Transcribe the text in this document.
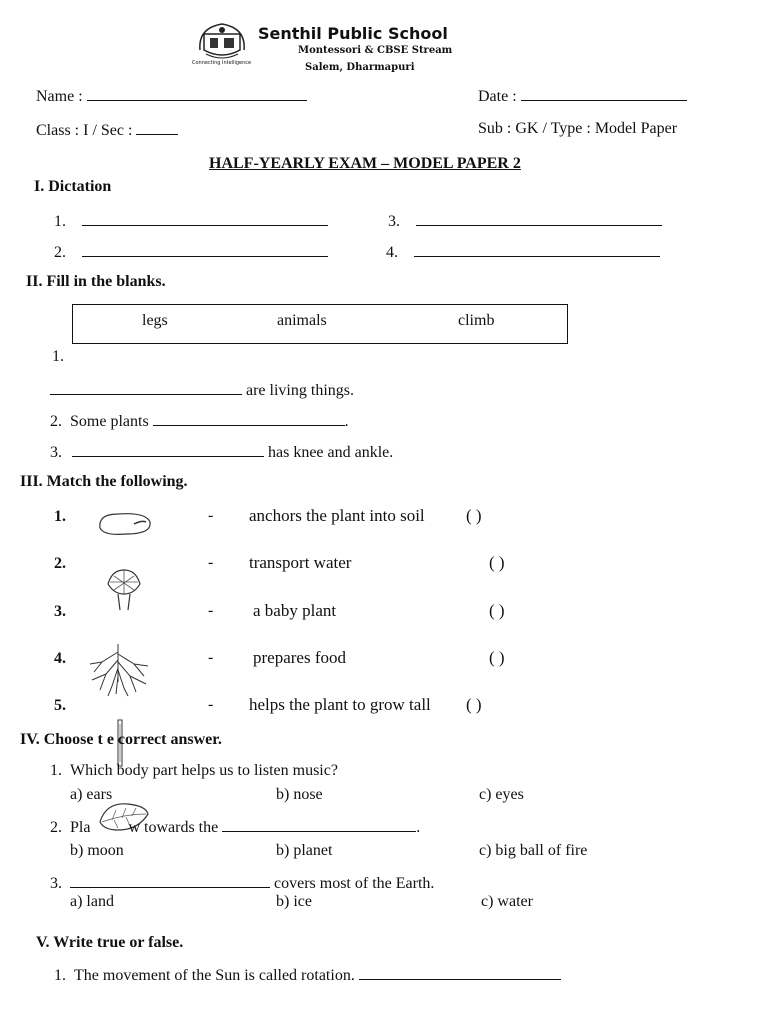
Connecting Intelligence
Senthil Public School
Montessori & CBSE Stream
Salem, Dharmapuri
Name :	Date :
Class : I / Sec :	Sub : GK / Type : Model Paper
HALF-YEARLY EXAM – MODEL PAPER 2
I. Dictation
1.
2.
3.
4.
II. Fill in the blanks.
legs	animals	climb
1.
are living things.
2. Some plants	.
3.	has knee and ankle.
III. Match the following.
1.	- anchors the plant into soil ( )
2.	- transport water	( )
3.	- a baby plant	( )
4.	- prepares food	( )
5.	- helps the plant to grow tall ( )
IV. Choose t e correct answer.
1. Which body part helps us to listen music?
a) ears	b) nose	c) eyes
2. Pla w towards the	.
b) moon	b) planet	c) big ball of fire
3.	covers most of the Earth.
a) land	b) ice	c) water
V. Write true or false.
1. The movement of the Sun is called rotation.
